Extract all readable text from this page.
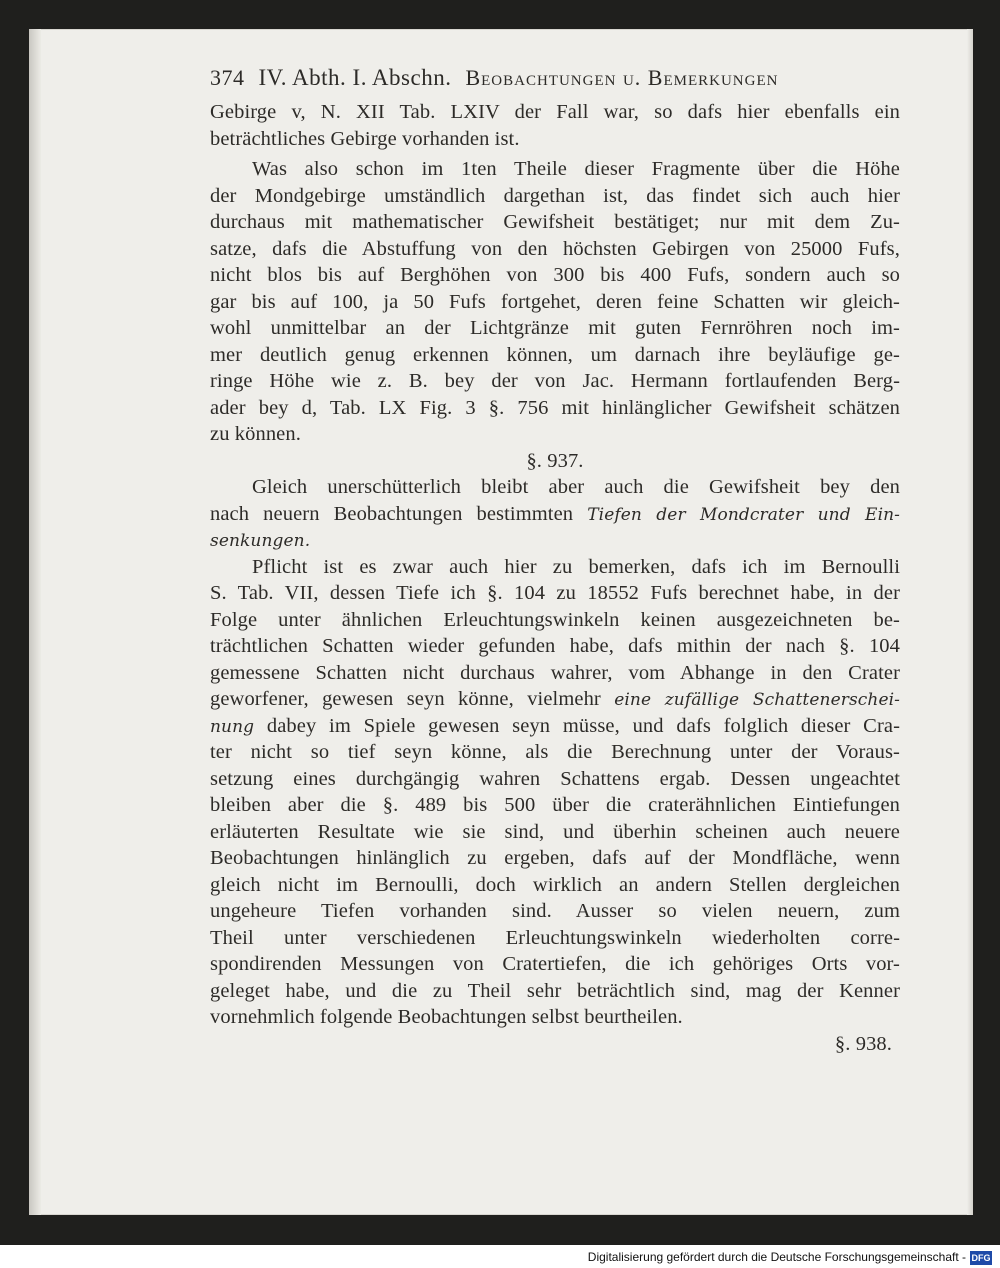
374 IV. Abth. I. Abschn. Beobachtungen u. Bemerkungen
Gebirge v, N. XII Tab. LXIV der Fall war, so dafs hier ebenfalls ein
beträchtliches Gebirge vorhanden ist.
Was also schon im 1ten Theile dieser Fragmente über die Höhe
der Mondgebirge umständlich dargethan ist, das findet sich auch hier
durchaus mit mathematischer Gewifsheit bestätiget; nur mit dem Zu-
satze, dafs die Abstuffung von den höchsten Gebirgen von 25000 Fufs,
nicht blos bis auf Berghöhen von 300 bis 400 Fufs, sondern auch so
gar bis auf 100, ja 50 Fufs fortgehet, deren feine Schatten wir gleich-
wohl unmittelbar an der Lichtgränze mit guten Fernröhren noch im-
mer deutlich genug erkennen können, um darnach ihre beyläufige ge-
ringe Höhe wie z. B. bey der von Jac. Hermann fortlaufenden Berg-
ader bey d, Tab. LX Fig. 3 §. 756 mit hinlänglicher Gewifsheit schätzen
zu können.
§. 937.
Gleich unerschütterlich bleibt aber auch die Gewifsheit bey den
nach neuern Beobachtungen bestimmten Tiefen der Mondcrater und Ein-
senkungen.
Pflicht ist es zwar auch hier zu bemerken, dafs ich im Bernoulli
S. Tab. VII, dessen Tiefe ich §. 104 zu 18552 Fufs berechnet habe, in der
Folge unter ähnlichen Erleuchtungswinkeln keinen ausgezeichneten be-
trächtlichen Schatten wieder gefunden habe, dafs mithin der nach §. 104
gemessene Schatten nicht durchaus wahrer, vom Abhange in den Crater
geworfener, gewesen seyn könne, vielmehr eine zufällige Schattenerschei-
nung dabey im Spiele gewesen seyn müsse, und dafs folglich dieser Cra-
ter nicht so tief seyn könne, als die Berechnung unter der Voraus-
setzung eines durchgängig wahren Schattens ergab. Dessen ungeachtet
bleiben aber die §. 489 bis 500 über die craterähnlichen Eintiefungen
erläuterten Resultate wie sie sind, und überhin scheinen auch neuere
Beobachtungen hinlänglich zu ergeben, dafs auf der Mondfläche, wenn
gleich nicht im Bernoulli, doch wirklich an andern Stellen dergleichen
ungeheure Tiefen vorhanden sind. Ausser so vielen neuern, zum
Theil unter verschiedenen Erleuchtungswinkeln wiederholten corre-
spondirenden Messungen von Cratertiefen, die ich gehöriges Orts vor-
geleget habe, und die zu Theil sehr beträchtlich sind, mag der Kenner
vornehmlich folgende Beobachtungen selbst beurtheilen.
§. 938.
Digitalisierung gefördert durch die Deutsche Forschungsgemeinschaft - DFG
